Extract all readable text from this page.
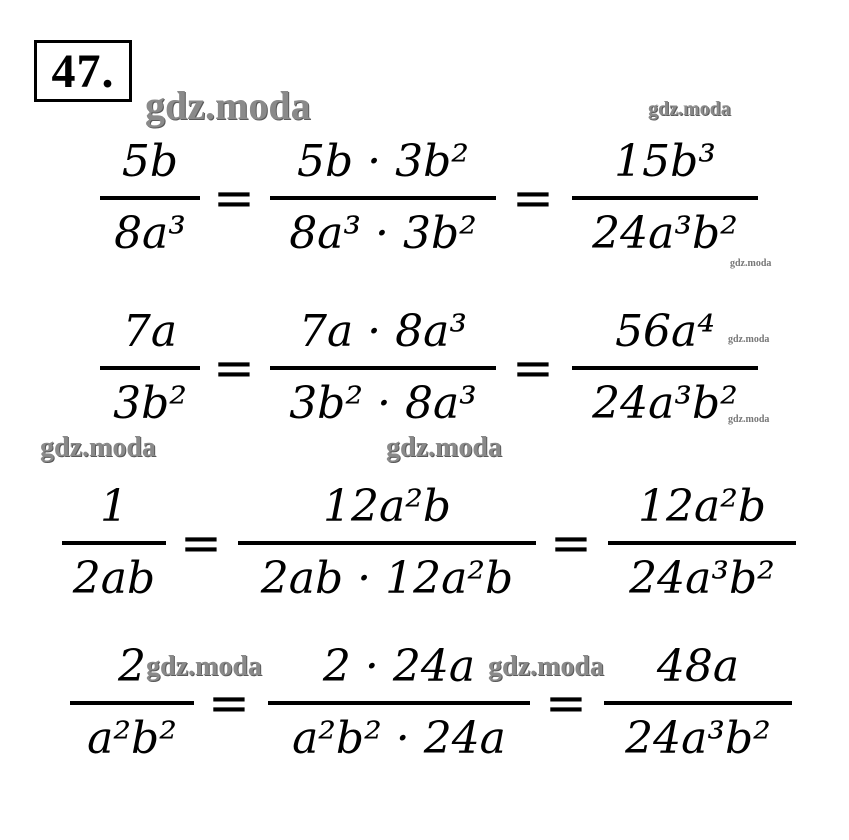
47.
gdz.moda	gdz.moda
gdz.moda
gdz.moda
gdz.moda
gdz.moda	gdz.moda
gdz.moda	gdz.moda
5b
8a³
=
5b · 3b²
8a³ · 3b²
=
15b³
24a³b²
7a
3b²
=
7a · 8a³
3b² · 8a³
=
56a⁴
24a³b²
1
2ab
=
12a²b
2ab · 12a²b
=
12a²b
24a³b²
2
a²b²
=
2 · 24a
a²b² · 24a
=
48a
24a³b²
